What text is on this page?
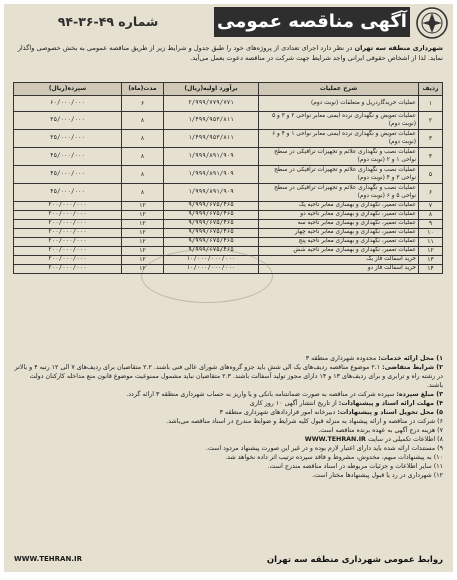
آگهی مناقصه عمومی
شماره ۴۹-۳۶-۹۴
شهرداری منطقه سه تهران در نظر دارد اجرای تعدادی از پروژه‌های خود را طبق جدول و شرایط زیر از طریق مناقصه عمومی به بخش خصوصی واگذار نماید. لذا از اشخاص حقوقی ایرانی واجد شرایط جهت شرکت در مناقصه دعوت بعمل می‌آید.
ردیف	شرح عملیات	برآورد اولیه(ریال)	مدت(ماه)	سپرده(ریال)
۱	عملیات خریدگاردریل و متعلقات (نوبت دوم)	۲/۹۹۹/۷۷۹/۷۷۱	۶	۶۰/۰۰۰/۰۰۰
۲	عملیات تعویض و نگهداری نرده ایمنی معابر نواحی ۲ و ۳ و ۵ (نوبت دوم)	۱/۴۹۹/۹۵۳/۸۱۱	۸	۳۵/۰۰۰/۰۰۰
۳	عملیات تعویض و نگهداری نرده ایمنی معابر نواحی ۱ و ۴ و ۶ (نوبت دوم)	۱/۴۹۹/۹۵۳/۸۱۱	۸	۳۵/۰۰۰/۰۰۰
۴	عملیات نصب و نگهداری علائم و تجهیزات ترافیکی در سطح نواحی ۱ و ۲ (نوبت دوم)	۱/۹۹۹/۸۹۱/۹۰۹	۸	۴۵/۰۰۰/۰۰۰
۵	عملیات نصب و نگهداری علائم و تجهیزات ترافیکی در سطح نواحی ۳ و ۴ (نوبت دوم)	۱/۹۹۹/۸۹۱/۹۰۹	۸	۴۵/۰۰۰/۰۰۰
۶	عملیات نصب و نگهداری علائم و تجهیزات ترافیکی در سطح نواحی ۵ و ۶ (نوبت دوم)	۱/۹۹۹/۸۹۱/۹۰۹	۸	۴۵/۰۰۰/۰۰۰
۷	عملیات تعمیر، نگهداری و بهسازی معابر ناحیه یک	۹/۹۹۹/۶۷۵/۴۶۵	۱۲	۲۰۰/۰۰۰/۰۰۰
۸	عملیات تعمیر، نگهداری و بهسازی معابر ناحیه دو	۹/۹۹۹/۶۷۵/۴۶۵	۱۲	۲۰۰/۰۰۰/۰۰۰
۹	عملیات تعمیر، نگهداری و بهسازی معابر ناحیه سه	۹/۹۹۹/۶۷۵/۴۶۵	۱۲	۲۰۰/۰۰۰/۰۰۰
۱۰	عملیات تعمیر، نگهداری و بهسازی معابر ناحیه چهار	۹/۹۹۹/۶۷۵/۴۶۵	۱۲	۲۰۰/۰۰۰/۰۰۰
۱۱	عملیات تعمیر، نگهداری و بهسازی معابر ناحیه پنج	۹/۹۹۹/۶۷۵/۴۶۵	۱۲	۲۰۰/۰۰۰/۰۰۰
۱۲	عملیات تعمیر، نگهداری و بهسازی معابر ناحیه شش	۹/۹۹۹/۶۷۵/۴۶۵	۱۲	۲۰۰/۰۰۰/۰۰۰
۱۳	خرید آسفالت فاز یک	۱۰/۰۰۰/۰۰۰/۰۰۰	۱۲	۲۰۰/۰۰۰/۰۰۰
۱۴	خرید آسفالت فاز دو	۱۰/۰۰۰/۰۰۰/۰۰۰	۱۲	۲۰۰/۰۰۰/۰۰۰

۱) محل ارائه خدمات: محدوده شهرداری منطقه ۳

۲) شرایط متقاضی: ۲.۱ موضوع مناقصه ردیف‌های یک الی شش باید جزو گروه‌های شورای عالی فنی باشند. ۲.۲ متقاضیان برای ردیف‌های ۷ الی ۱۲ رتبه ۴ و بالاتر در رشته راه و ترابری و برای ردیف‌های ۱۳ و ۱۴ دارای مجوز تولید آسفالت باشند. ۲.۳ متقاضیان نباید مشمول ممنوعیت موضوع قانون منع مداخله کارکنان دولت باشند.

۳) مبلغ سپرده: سپرده شرکت در مناقصه به صورت ضمانتنامه بانکی و یا واریز به حساب شهرداری منطقه ۳ ارائه گردد.

۴) مهلت ارائه اسناد و پیشنهادات: از تاریخ انتشار آگهی ۱۰ روز کاری

۵) محل تحویل اسناد و پیشنهادات: دبیرخانه امور قراردادهای شهرداری منطقه ۳

۶) شرکت در مناقصه و ارائه پیشنهاد به منزله قبول کلیه شرایط و ضوابط مندرج در اسناد مناقصه می‌باشد.

۷) هزینه درج آگهی به عهده برنده مناقصه است.

۸) اطلاعات تکمیلی در سایت WWW.TEHRAN.IR

۹) مستندات ارائه شده باید دارای اعتبار لازم بوده و در غیر این صورت پیشنهاد مردود است.

۱۰) به پیشنهادات مبهم، مخدوش، مشروط و فاقد سپرده ترتیب اثر داده نخواهد شد.

۱۱) سایر اطلاعات و جزئیات مربوطه در اسناد مناقصه مندرج است.

۱۲) شهرداری در رد یا قبول پیشنهادها مختار است.

روابط عمومی شهرداری منطقه سه تهران
WWW.TEHRAN.IR
